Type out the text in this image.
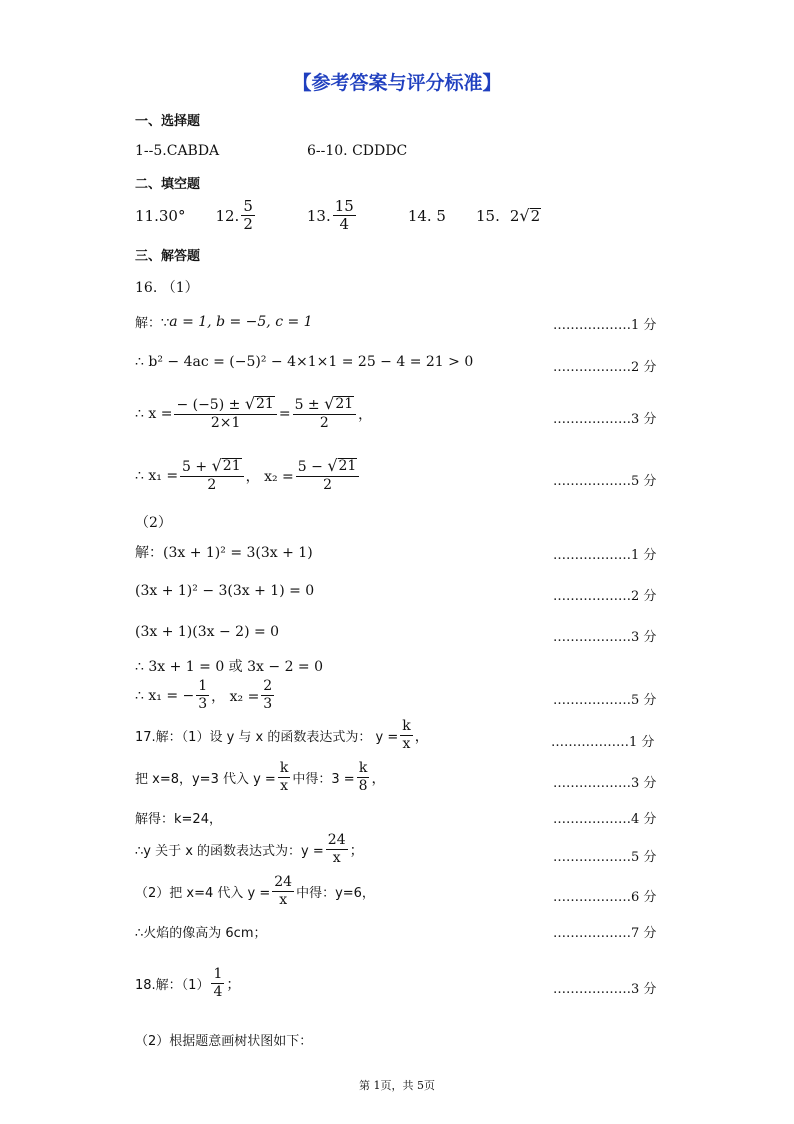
【参考答案与评分标准】
一、选择题
1--5.CABDA	6--10. CDDDC
二、填空题
11.30° 12. $\frac{5}{2}$	13. $\frac{15}{4}$	14. 5 15. 2 √ 2
三、解答题
16. （1）
解：∵ a = 1, b = −5, c = 1	………………1 分
∴ b² − 4ac = (−5)² − 4×1×1 = 25 − 4 = 21 > 0	………………2 分
∴ $x = \frac{- (-5) \pm √ 21}{2\times 1} = \frac{5 \pm √ 21}{2}$ ，	………………3 分
∴ $x_1 = \frac{5 + √ 21}{2}$ ， $x_2 = \frac{5 - √ 21}{2}$	………………5 分
（2）
解：(3x + 1)² = 3(3x + 1)	………………1 分
(3x + 1)² − 3(3x + 1) = 0	………………2 分
(3x + 1)(3x − 2) = 0	………………3 分
∴ 3x + 1 = 0 或 3x − 2 = 0
∴ x₁ = − $\frac{1}{3}$ ， $x_2 = \frac{2}{3}$	………………5 分
17.解：（1）设 y 与 x 的函数表达式为： $y = \frac{k}{x}$ ，	………………1 分
把 x=8，y=3 代入 $y = \frac{k}{x}$ 中得：$3 = \frac{k}{8}$ ，	………………3 分
解得：k=24，	………………4 分
∴y 关于 x 的函数表达式为：$y = \frac{24}{x}$ ；	………………5 分
（2）把 x=4 代入 $y = \frac{24}{x}$ 中得：y=6，	………………6 分
∴火焰的像高为 6cm；	………………7 分
18.解：$(1) \frac{1}{4}$ ；	………………3 分
（2）根据题意画树状图如下：
第 1页，共 5页
